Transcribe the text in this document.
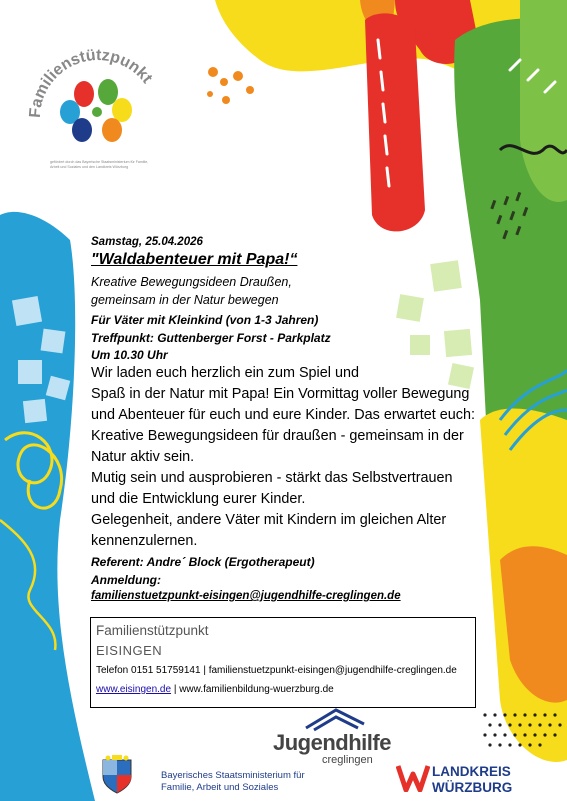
Familienstützpunkt
gefördert durch das Bayerische Staatsministerium für Familie, Arbeit und Soziales und den Landkreis Würzburg
Samstag, 25.04.2026
"Waldabenteuer mit Papa!“
Kreative Bewegungsideen Draußen,
gemeinsam in der Natur bewegen
Für Väter mit Kleinkind (von 1-3 Jahren)
Treffpunkt: Guttenberger Forst - Parkplatz
Um 10.30 Uhr
Wir laden euch herzlich ein zum Spiel und
Spaß in der Natur mit Papa! Ein Vormittag voller Bewegung
und Abenteuer für euch und eure Kinder. Das erwartet euch:
Kreative Bewegungsideen für draußen - gemeinsam in der
Natur aktiv sein.
Mutig sein und ausprobieren - stärkt das Selbstvertrauen
und die Entwicklung eurer Kinder.
Gelegenheit, andere Väter mit Kindern im gleichen Alter
kennenzulernen.
Referent: Andre´ Block (Ergotherapeut)
Anmeldung:
familienstuetzpunkt-eisingen@jugendhilfe-creglingen.de
Familienstützpunkt
EISINGEN
Telefon 0151 51759141 | familienstuetzpunkt-eisingen@jugendhilfe-creglingen.de
www.eisingen.de | www.familienbildung-wuerzburg.de
Jugendhilfe
creglingen
Bayerisches Staatsministerium für
Familie, Arbeit und Soziales
LANDKREIS
WÜRZBURG
